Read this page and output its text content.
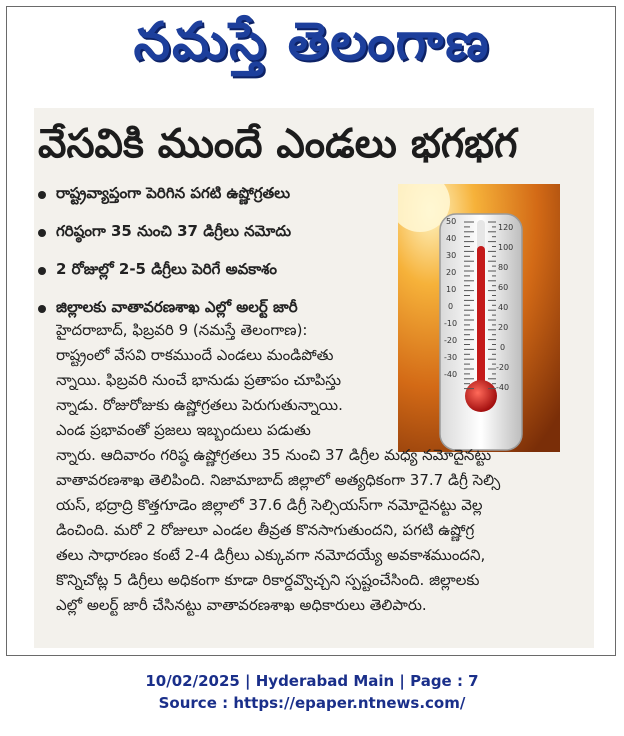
నమస్తే తెలంగాణ
వేసవికి ముందే ఎండలు భగభగ
రాష్ట్రవ్యాప్తంగా పెరిగిన పగటి ఉష్ణోగ్రతలు
గరిష్ఠంగా 35 నుంచి 37 డిగ్రీలు నమోదు
2 రోజుల్లో 2-5 డిగ్రీలు పెరిగే అవకాశం
జిల్లాలకు వాతావరణశాఖ ఎల్లో అలర్ట్ జారీ
50
40
30
20
10
0
-10
-20
-30
-40
120
100
80
60
40
20
0
-20
-40
హైదరాబాద్, ఫిబ్రవరి 9 (నమస్తే తెలంగాణ):
రాష్ట్రంలో వేసవి రాకముందే ఎండలు మండిపోతు
న్నాయి. ఫిబ్రవరి నుంచే భానుడు ప్రతాపం చూపిస్తు
న్నాడు. రోజురోజుకు ఉష్ణోగ్రతలు పెరుగుతున్నాయి.
ఎండ ప్రభావంతో ప్రజలు ఇబ్బందులు పడుతు
న్నారు. ఆదివారం గరిష్ఠ ఉష్ణోగ్రతలు 35 నుంచి 37 డిగ్రీల మధ్య నమోదైనట్టు
వాతావరణశాఖ తెలిపింది. నిజామాబాద్ జిల్లాలో అత్యధికంగా 37.7 డిగ్రీ సెల్సి
యస్, భద్రాద్రి కొత్తగూడెం జిల్లాలో 37.6 డిగ్రీ సెల్సియస్‌గా నమోదైనట్టు వెల్ల
డించింది. మరో 2 రోజులూ ఎండల తీవ్రత కొనసాగుతుందని, పగటి ఉష్ణోగ్ర
తలు సాధారణం కంటే 2-4 డిగ్రీలు ఎక్కువగా నమోదయ్యే అవకాశముందని,
కొన్నిచోట్ల 5 డిగ్రీలు అధికంగా కూడా రికార్డవ్వొచ్చని స్పష్టంచేసింది. జిల్లాలకు
ఎల్లో అలర్ట్ జారీ చేసినట్టు వాతావరణశాఖ అధికారులు తెలిపారు.
10/02/2025 | Hyderabad Main | Page : 7
Source : https://epaper.ntnews.com/
